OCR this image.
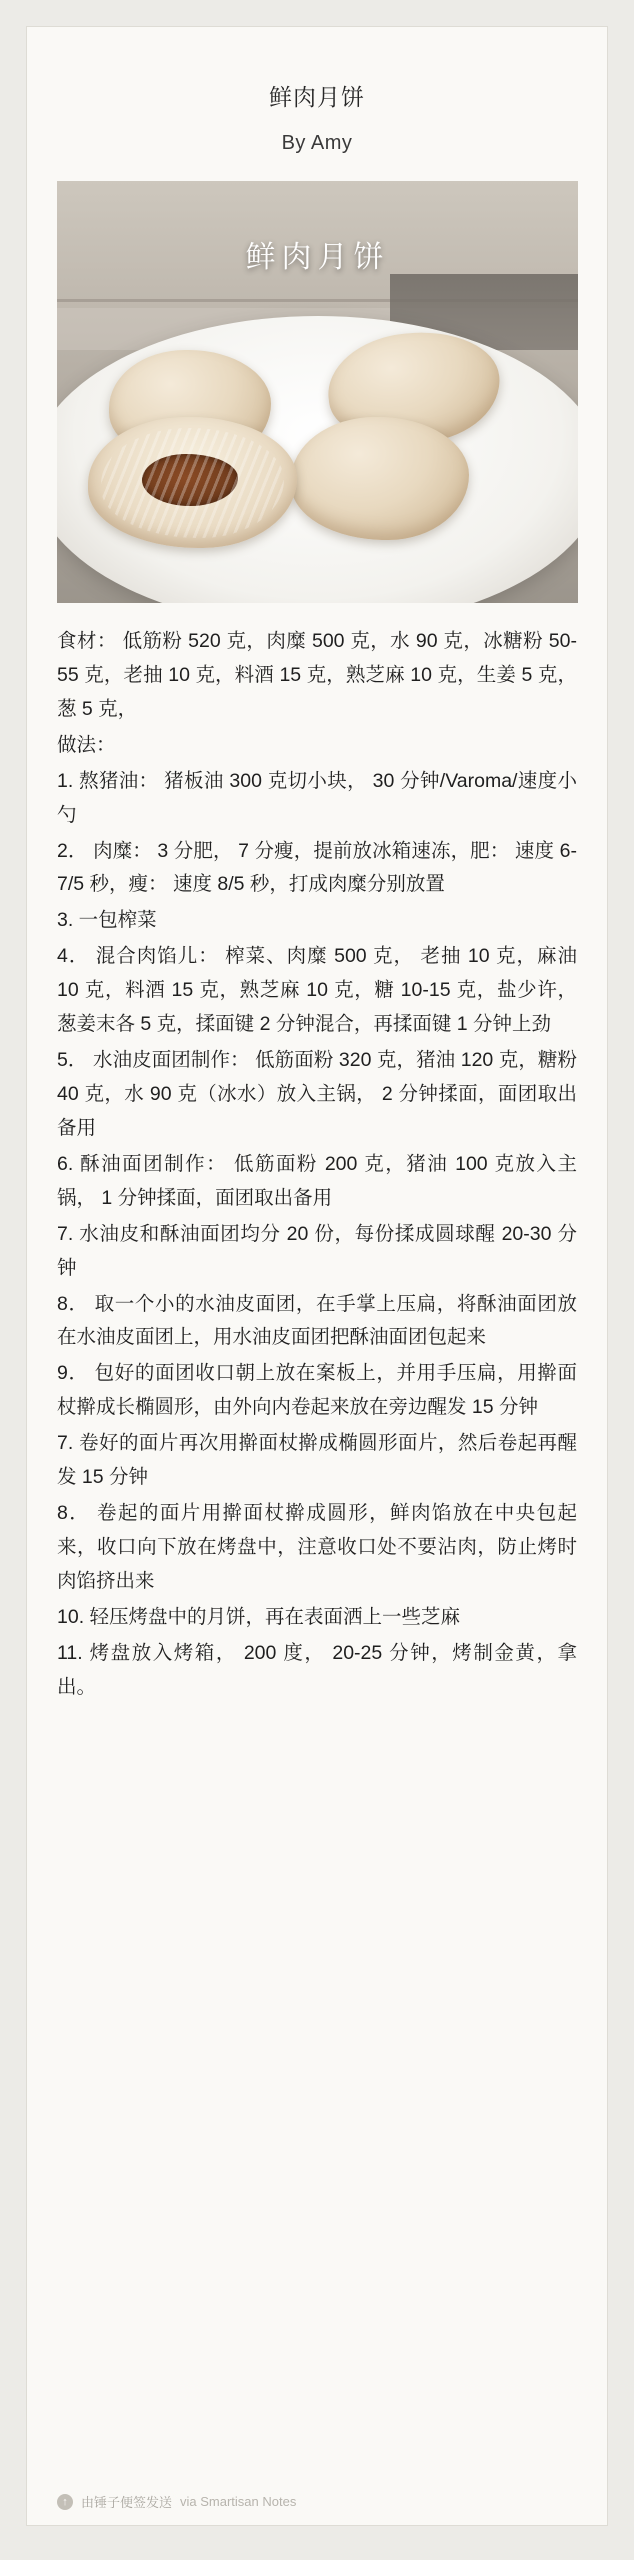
鲜肉月饼
By Amy
鲜肉月饼

食材： 低筋粉 520 克，肉糜 500 克，水 90 克，冰糖粉 50-55 克，老抽 10 克，料酒 15 克，熟芝麻 10 克，生姜 5 克，葱 5 克，

做法：

1. 熬猪油： 猪板油 300 克切小块， 30 分钟/Varoma/速度小勺

2． 肉糜： 3 分肥， 7 分瘦，提前放冰箱速冻，肥： 速度 6-7/5 秒，瘦： 速度 8/5 秒，打成肉糜分别放置

3. 一包榨菜

4． 混合肉馅儿： 榨菜、肉糜 500 克， 老抽 10 克，麻油 10 克，料酒 15 克，熟芝麻 10 克，糖 10-15 克，盐少许，葱姜末各 5 克，揉面键 2 分钟混合，再揉面键 1 分钟上劲

5． 水油皮面团制作： 低筋面粉 320 克，猪油 120 克，糖粉 40 克，水 90 克（冰水）放入主锅， 2 分钟揉面，面团取出备用

6. 酥油面团制作： 低筋面粉 200 克，猪油 100 克放入主锅， 1 分钟揉面，面团取出备用

7. 水油皮和酥油面团均分 20 份，每份揉成圆球醒 20-30 分钟

8． 取一个小的水油皮面团，在手掌上压扁，将酥油面团放在水油皮面团上，用水油皮面团把酥油面团包起来

9． 包好的面团收口朝上放在案板上，并用手压扁，用擀面杖擀成长椭圆形，由外向内卷起来放在旁边醒发 15 分钟

7. 卷好的面片再次用擀面杖擀成椭圆形面片，然后卷起再醒发 15 分钟

8． 卷起的面片用擀面杖擀成圆形，鲜肉馅放在中央包起来，收口向下放在烤盘中，注意收口处不要沾肉，防止烤时肉馅挤出来

10. 轻压烤盘中的月饼，再在表面洒上一些芝麻

11. 烤盘放入烤箱， 200 度， 20-25 分钟，烤制金黄，拿出。

↑	由锤子便签发送 via Smartisan Notes
